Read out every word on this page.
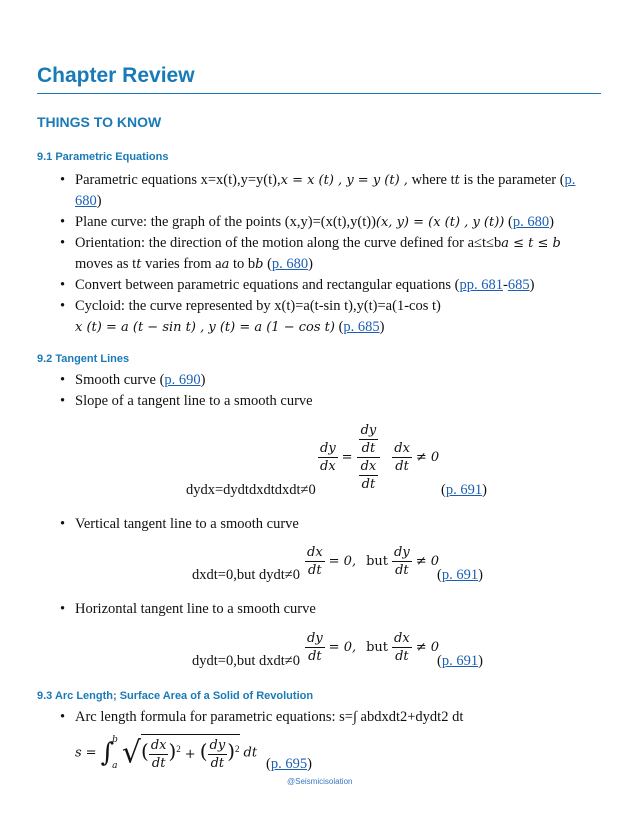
Chapter Review
THINGS TO KNOW
9.1 Parametric Equations
• Parametric equations x=x(t),y=y(t),x = x (t) , y = y (t) , where tt is the parameter (p.
680)
• Plane curve: the graph of the points (x,y)=(x(t),y(t))(x, y) = (x (t) , y (t)) (p. 680)
• Orientation: the direction of the motion along the curve defined for a≤t≤ba ≤ t ≤ b
moves as tt varies from aa to bb (p. 680)
• Convert between parametric equations and rectangular equations (pp. 681-685)
• Cycloid: the curve represented by x(t)=a(t-sin t),y(t)=a(1-cos t)
x (t) = a (t − sin t) , y (t) = a (1 − cos t) (p. 685)
9.2 Tangent Lines
• Smooth curve (p. 690)
• Slope of a tangent line to a smooth curve
$\frac{dy}{dx} = \frac{\frac{dy}{dt}}{\frac{dx}{dt}}$
$\frac{dx}{dt} \ne 0$
dydx=dydtdxdtdxdt≠0	(p. 691)
• Vertical tangent line to a smooth curve
dxdt=0,but dydt≠0 $\frac{dx}{dt} = 0$, but $\frac{dy}{dt} \ne 0$
(p. 691)
• Horizontal tangent line to a smooth curve
dydt=0,but dxdt≠0 $\frac{dy}{dt} = 0$, but $\frac{dx}{dt} \ne 0$
(p. 691)
9.3 Arc Length; Surface Area of a Solid of Revolution
• Arc length formula for parametric equations: s=∫ abdxdt2+dydt2 dt
s = ∫b
a √( $\frac{dx}{dt} )^2$ + ( $\frac{dy}{dt} )^2$ dt
(p. 695)
@Seismicisolation
